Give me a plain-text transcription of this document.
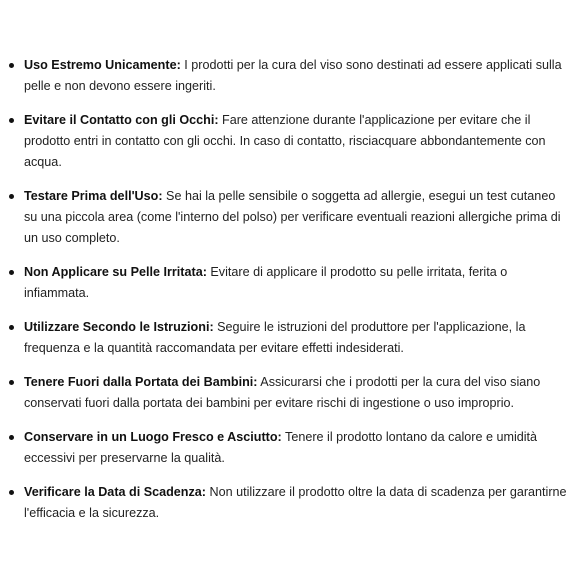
Uso Estremo Unicamente: I prodotti per la cura del viso sono destinati ad essere applicati sulla pelle e non devono essere ingeriti.
Evitare il Contatto con gli Occhi: Fare attenzione durante l'applicazione per evitare che il prodotto entri in contatto con gli occhi. In caso di contatto, risciacquare abbondantemente con acqua.
Testare Prima dell'Uso: Se hai la pelle sensibile o soggetta ad allergie, esegui un test cutaneo su una piccola area (come l'interno del polso) per verificare eventuali reazioni allergiche prima di un uso completo.
Non Applicare su Pelle Irritata: Evitare di applicare il prodotto su pelle irritata, ferita o infiammata.
Utilizzare Secondo le Istruzioni: Seguire le istruzioni del produttore per l'applicazione, la frequenza e la quantità raccomandata per evitare effetti indesiderati.
Tenere Fuori dalla Portata dei Bambini: Assicurarsi che i prodotti per la cura del viso siano conservati fuori dalla portata dei bambini per evitare rischi di ingestione o uso improprio.
Conservare in un Luogo Fresco e Asciutto: Tenere il prodotto lontano da calore e umidità eccessivi per preservarne la qualità.
Verificare la Data di Scadenza: Non utilizzare il prodotto oltre la data di scadenza per garantirne l'efficacia e la sicurezza.
